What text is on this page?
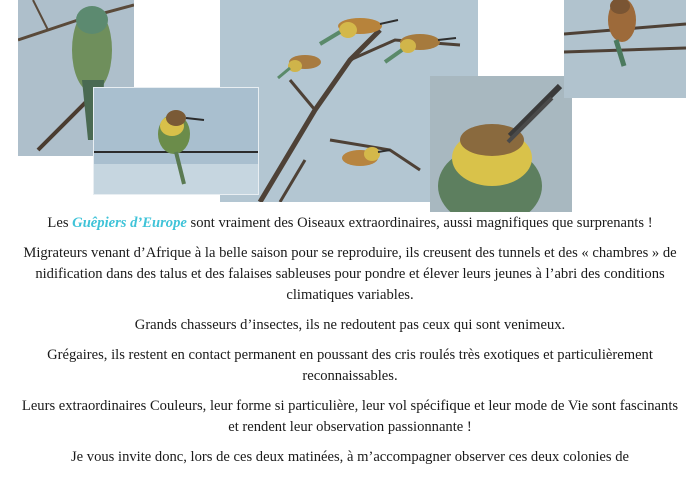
Les Guêpiers d’Europe sont vraiment des Oiseaux extraordinaires, aussi magnifiques que surprenants !

Migrateurs venant d’Afrique à la belle saison pour se reproduire, ils creusent des tunnels et des « chambres » de nidification dans des talus et des falaises sableuses pour pondre et élever leurs jeunes à l’abri des conditions climatiques variables.

Grands chasseurs d’insectes, ils ne redoutent pas ceux qui sont venimeux.

Grégaires, ils restent en contact permanent en poussant des cris roulés très exotiques et particulièrement reconnaissables.

Leurs extraordinaires Couleurs, leur forme si particulière, leur vol spécifique et leur mode de Vie sont fascinants et rendent leur observation passionnante !

Je vous invite donc, lors de ces deux matinées, à m’accompagner observer ces deux colonies de
